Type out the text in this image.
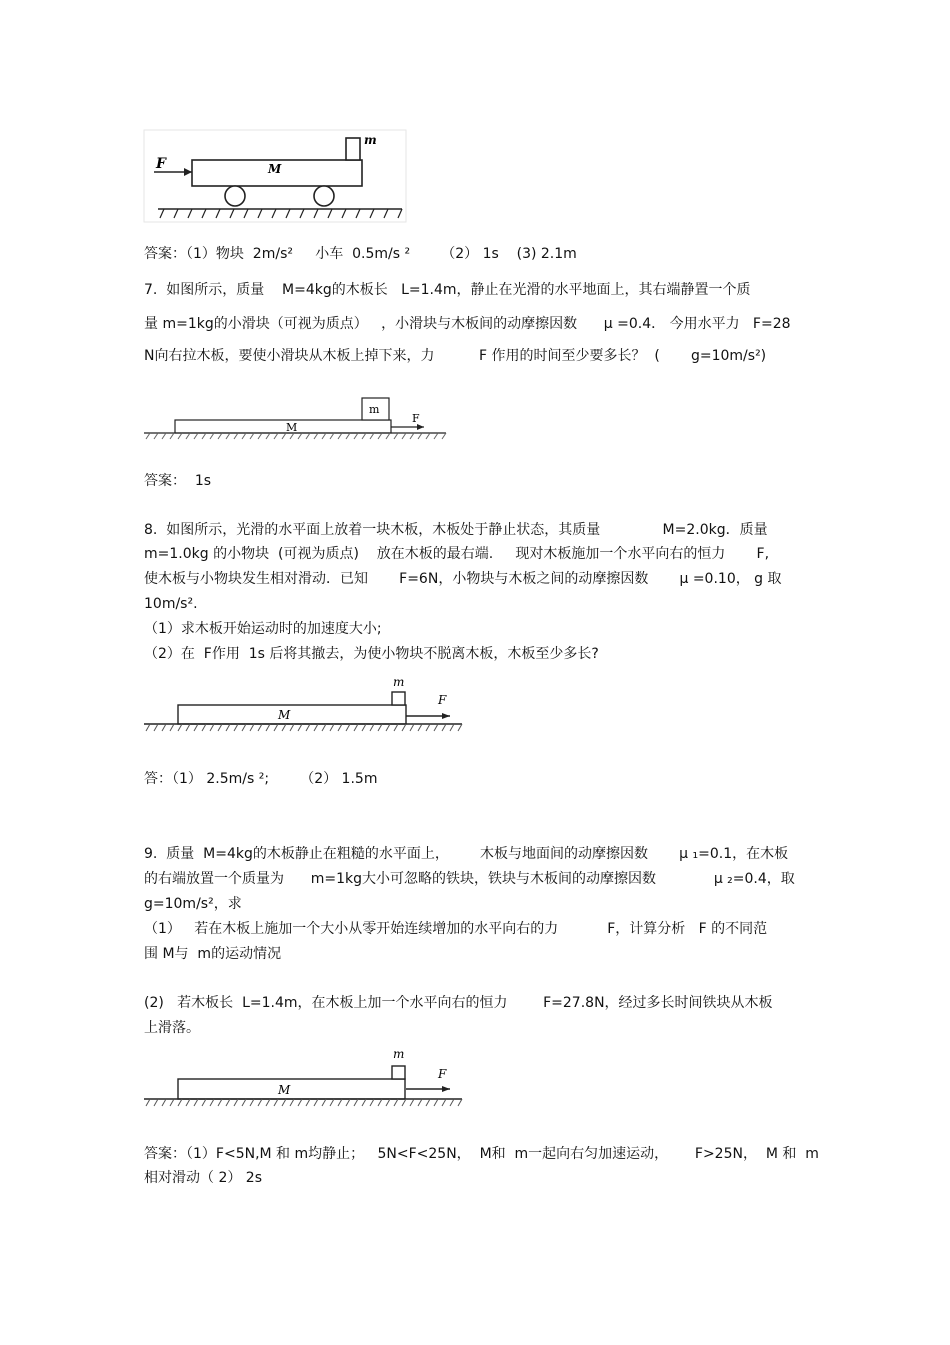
F	M
m
答案：（1）物块  2m/s²     小车  0.5m/s ²       （2） 1s    (3) 2.1m
7.  如图所示，质量    M=4kg的木板长   L=1.4m，静止在光滑的水平地面上，其右端静置一个质
量 m=1kg的小滑块（可视为质点）   ，小滑块与木板间的动摩擦因数      μ =0.4． 今用水平力   F=28
N向右拉木板，要使小滑块从木板上掉下来，力          F 作用的时间至少要多长？  (       g=10m/s²)
m
M
F
答案：  1s
8.  如图所示，光滑的水平面上放着一块木板，木板处于静止状态，其质量              M=2.0kg．质量
m=1.0kg 的小物块  (可视为质点)    放在木板的最右端.     现对木板施加一个水平向右的恒力       F,
使木板与小物块发生相对滑动．已知       F=6N，小物块与木板之间的动摩擦因数       μ =0.10， g 取
10m/s².
（1）求木板开始运动时的加速度大小;
（2）在  F作用  1s 后将其撤去，为使小物块不脱离木板，木板至少多长?
m
M
F
答：（1） 2.5m/s ²;       （2） 1.5m
9.  质量  M=4kg的木板静止在粗糙的水平面上，       木板与地面间的动摩擦因数       μ ₁=0.1，在木板
的右端放置一个质量为      m=1kg大小可忽略的铁块，铁块与木板间的动摩擦因数             μ ₂=0.4，取
g=10m/s²，求
（1）   若在木板上施加一个大小从零开始连续增加的水平向右的力           F，计算分析   F 的不同范
围 M与  m的运动情况
(2)   若木板长  L=1.4m，在木板上加一个水平向右的恒力        F=27.8N，经过多长时间铁块从木板
上滑落。
m
M
F
答案：（1）F<5N,M 和 m均静止；   5N<F<25N，  M和  m一起向右匀加速运动，      F>25N，  M 和  m
相对滑动（ 2） 2s
